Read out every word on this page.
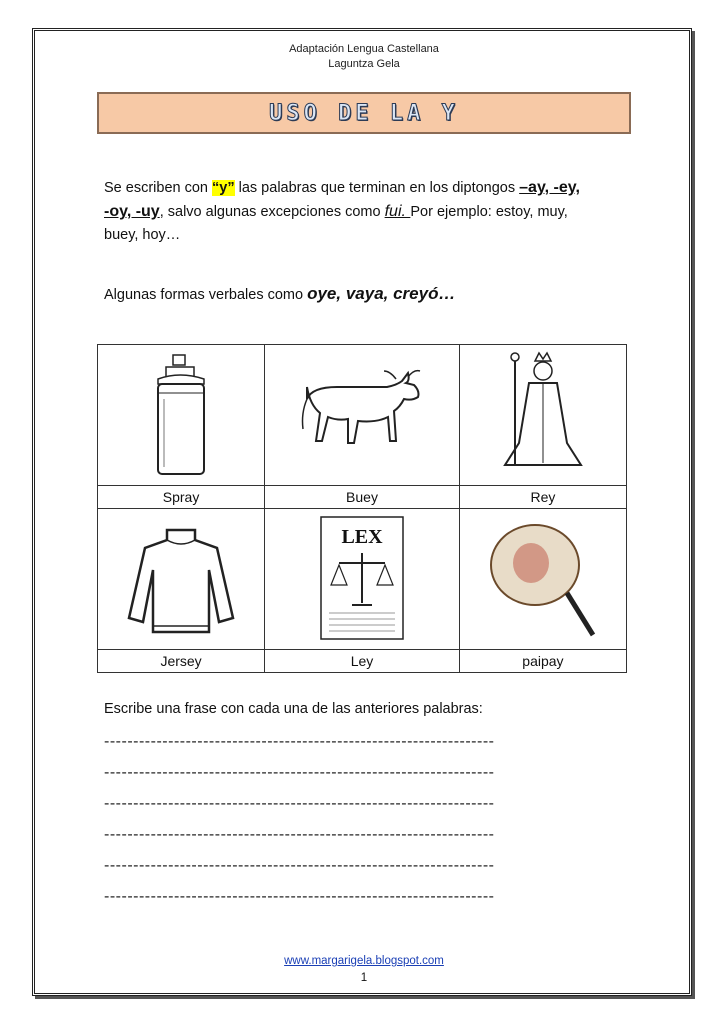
Adaptación Lengua Castellana
Laguntza Gela
USO DE LA Y
Se escriben con “y” las palabras que terminan en los diptongos –ay, -ey,
-oy, -uy, salvo algunas excepciones como fui. Por ejemplo: estoy, muy,
buey, hoy…
Algunas formas verbales como oye, vaya, creyó…

Spray	Buey	Rey

LEX

Jersey	Ley	paipay
Escribe una frase con cada una de las anteriores palabras:
-------------------------------------------------------------------
-------------------------------------------------------------------
-------------------------------------------------------------------
-------------------------------------------------------------------
-------------------------------------------------------------------
-------------------------------------------------------------------
www.margarigela.blogspot.com
1
